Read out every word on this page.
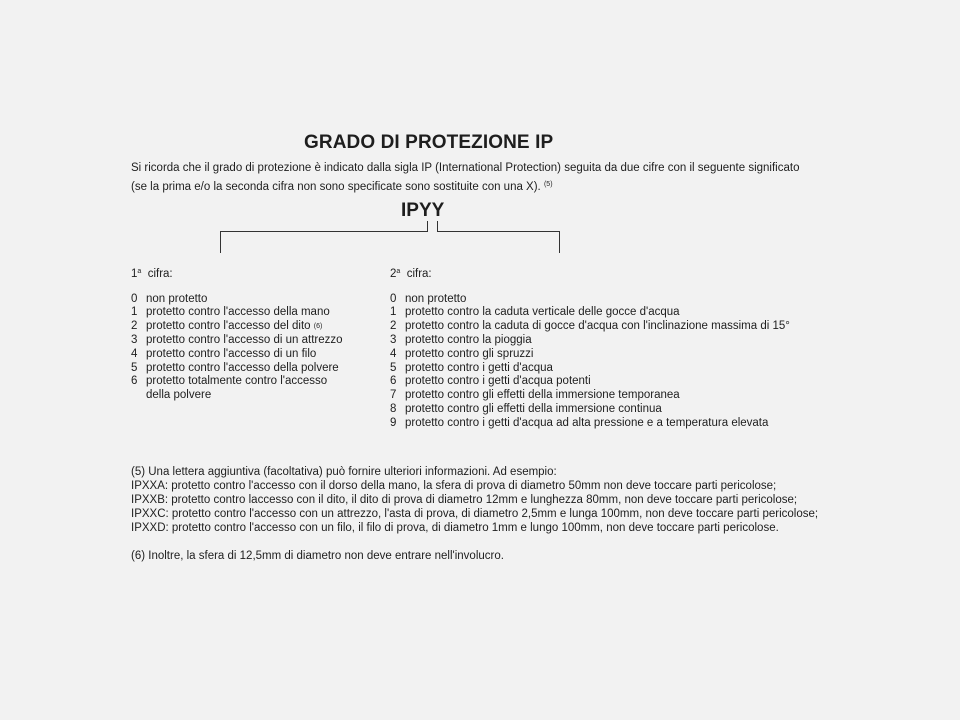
GRADO DI PROTEZIONE IP
Si ricorda che il grado di protezione è indicato dalla sigla IP (International Protection) seguita da due cifre con il seguente significato
(se la prima e/o la seconda cifra non sono specificate sono sostituite con una X). $^{(5)}$
IPYY
1$^a$ cifra:
0 non protetto
1 protetto contro l'accesso della mano
2 protetto contro l'accesso del dito
(6)
3 protetto contro l'accesso di un attrezzo
4 protetto contro l'accesso di un filo
5 protetto contro l'accesso della polvere
6 protetto totalmente contro l'accesso
della polvere
2$^a$ cifra:
0 non protetto
1 protetto contro la caduta verticale delle gocce d'acqua
2 protetto contro la caduta di gocce d'acqua con l'inclinazione massima di 15°
3 protetto contro la pioggia
4 protetto contro gli spruzzi
5 protetto contro i getti d'acqua
6 protetto contro i getti d'acqua potenti
7 protetto contro gli effetti della immersione temporanea
8 protetto contro gli effetti della immersione continua
9 protetto contro i getti d'acqua ad alta pressione e a temperatura elevata
(5) Una lettera aggiuntiva (facoltativa) può fornire ulteriori informazioni. Ad esempio:
IPXXA: protetto contro l'accesso con il dorso della mano, la sfera di prova di diametro 50mm non deve toccare parti pericolose;
IPXXB: protetto contro laccesso con il dito, il dito di prova di diametro 12mm e lunghezza 80mm, non deve toccare parti pericolose;
IPXXC: protetto contro l'accesso con un attrezzo, l'asta di prova, di diametro 2,5mm e lunga 100mm, non deve toccare parti pericolose;
IPXXD: protetto contro l'accesso con un filo, il filo di prova, di diametro 1mm e lungo 100mm, non deve toccare parti pericolose.
(6) Inoltre, la sfera di 12,5mm di diametro non deve entrare nell'involucro.
